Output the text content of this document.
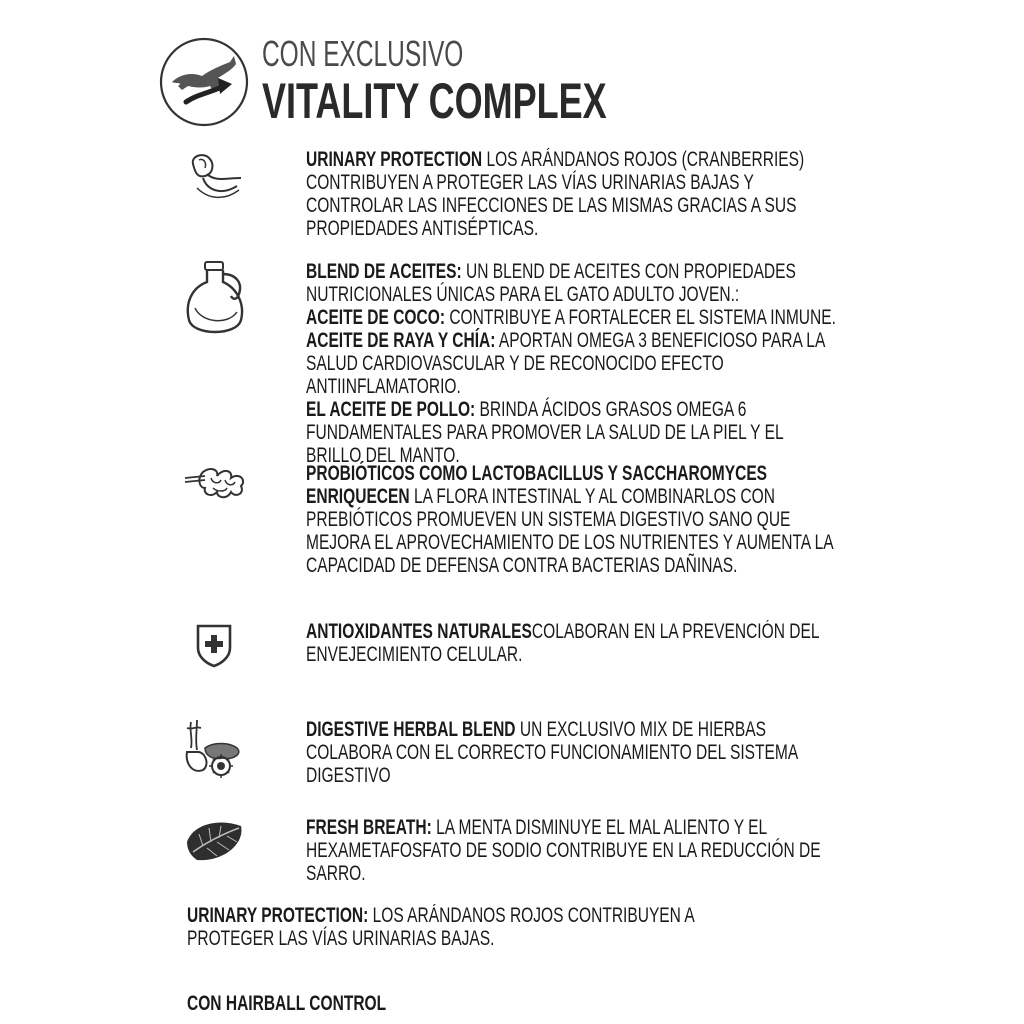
CON EXCLUSIVO
VITALITY COMPLEX
URINARY PROTECTION LOS ARÁNDANOS ROJOS (CRANBERRIES) CONTRIBUYEN A PROTEGER LAS VÍAS URINARIAS BAJAS Y CONTROLAR LAS INFECCIONES DE LAS MISMAS GRACIAS A SUS PROPIEDADES ANTISÉPTICAS.

BLEND DE ACEITES: UN BLEND DE ACEITES CON PROPIEDADES NUTRICIONALES ÚNICAS PARA EL GATO ADULTO JOVEN.:

ACEITE DE COCO: CONTRIBUYE A FORTALECER EL SISTEMA INMUNE.

ACEITE DE RAYA Y CHÍA: APORTAN OMEGA 3 BENEFICIOSO PARA LA SALUD CARDIOVASCULAR Y DE RECONOCIDO EFECTO ANTIINFLAMATORIO.

EL ACEITE DE POLLO: BRINDA ÁCIDOS GRASOS OMEGA 6 FUNDAMENTALES PARA PROMOVER LA SALUD DE LA PIEL Y EL BRILLO DEL MANTO.

PROBIÓTICOS COMO LACTOBACILLUS Y SACCHAROMYCES ENRIQUECEN LA FLORA INTESTINAL Y AL COMBINARLOS CON PREBIÓTICOS PROMUEVEN UN SISTEMA DIGESTIVO SANO QUE MEJORA EL APROVECHAMIENTO DE LOS NUTRIENTES Y AUMENTA LA CAPACIDAD DE DEFENSA CONTRA BACTERIAS DAÑINAS.
ANTIOXIDANTES NATURALESCOLABORAN EN LA PREVENCIÓN DEL ENVEJECIMIENTO CELULAR.
DIGESTIVE HERBAL BLEND UN EXCLUSIVO MIX DE HIERBAS COLABORA CON EL CORRECTO FUNCIONAMIENTO DEL SISTEMA DIGESTIVO
FRESH BREATH: LA MENTA DISMINUYE EL MAL ALIENTO Y EL HEXAMETAFOSFATO DE SODIO CONTRIBUYE EN LA REDUCCIÓN DE SARRO.
URINARY PROTECTION: LOS ARÁNDANOS ROJOS CONTRIBUYEN A PROTEGER LAS VÍAS URINARIAS BAJAS.
CON HAIRBALL CONTROL
